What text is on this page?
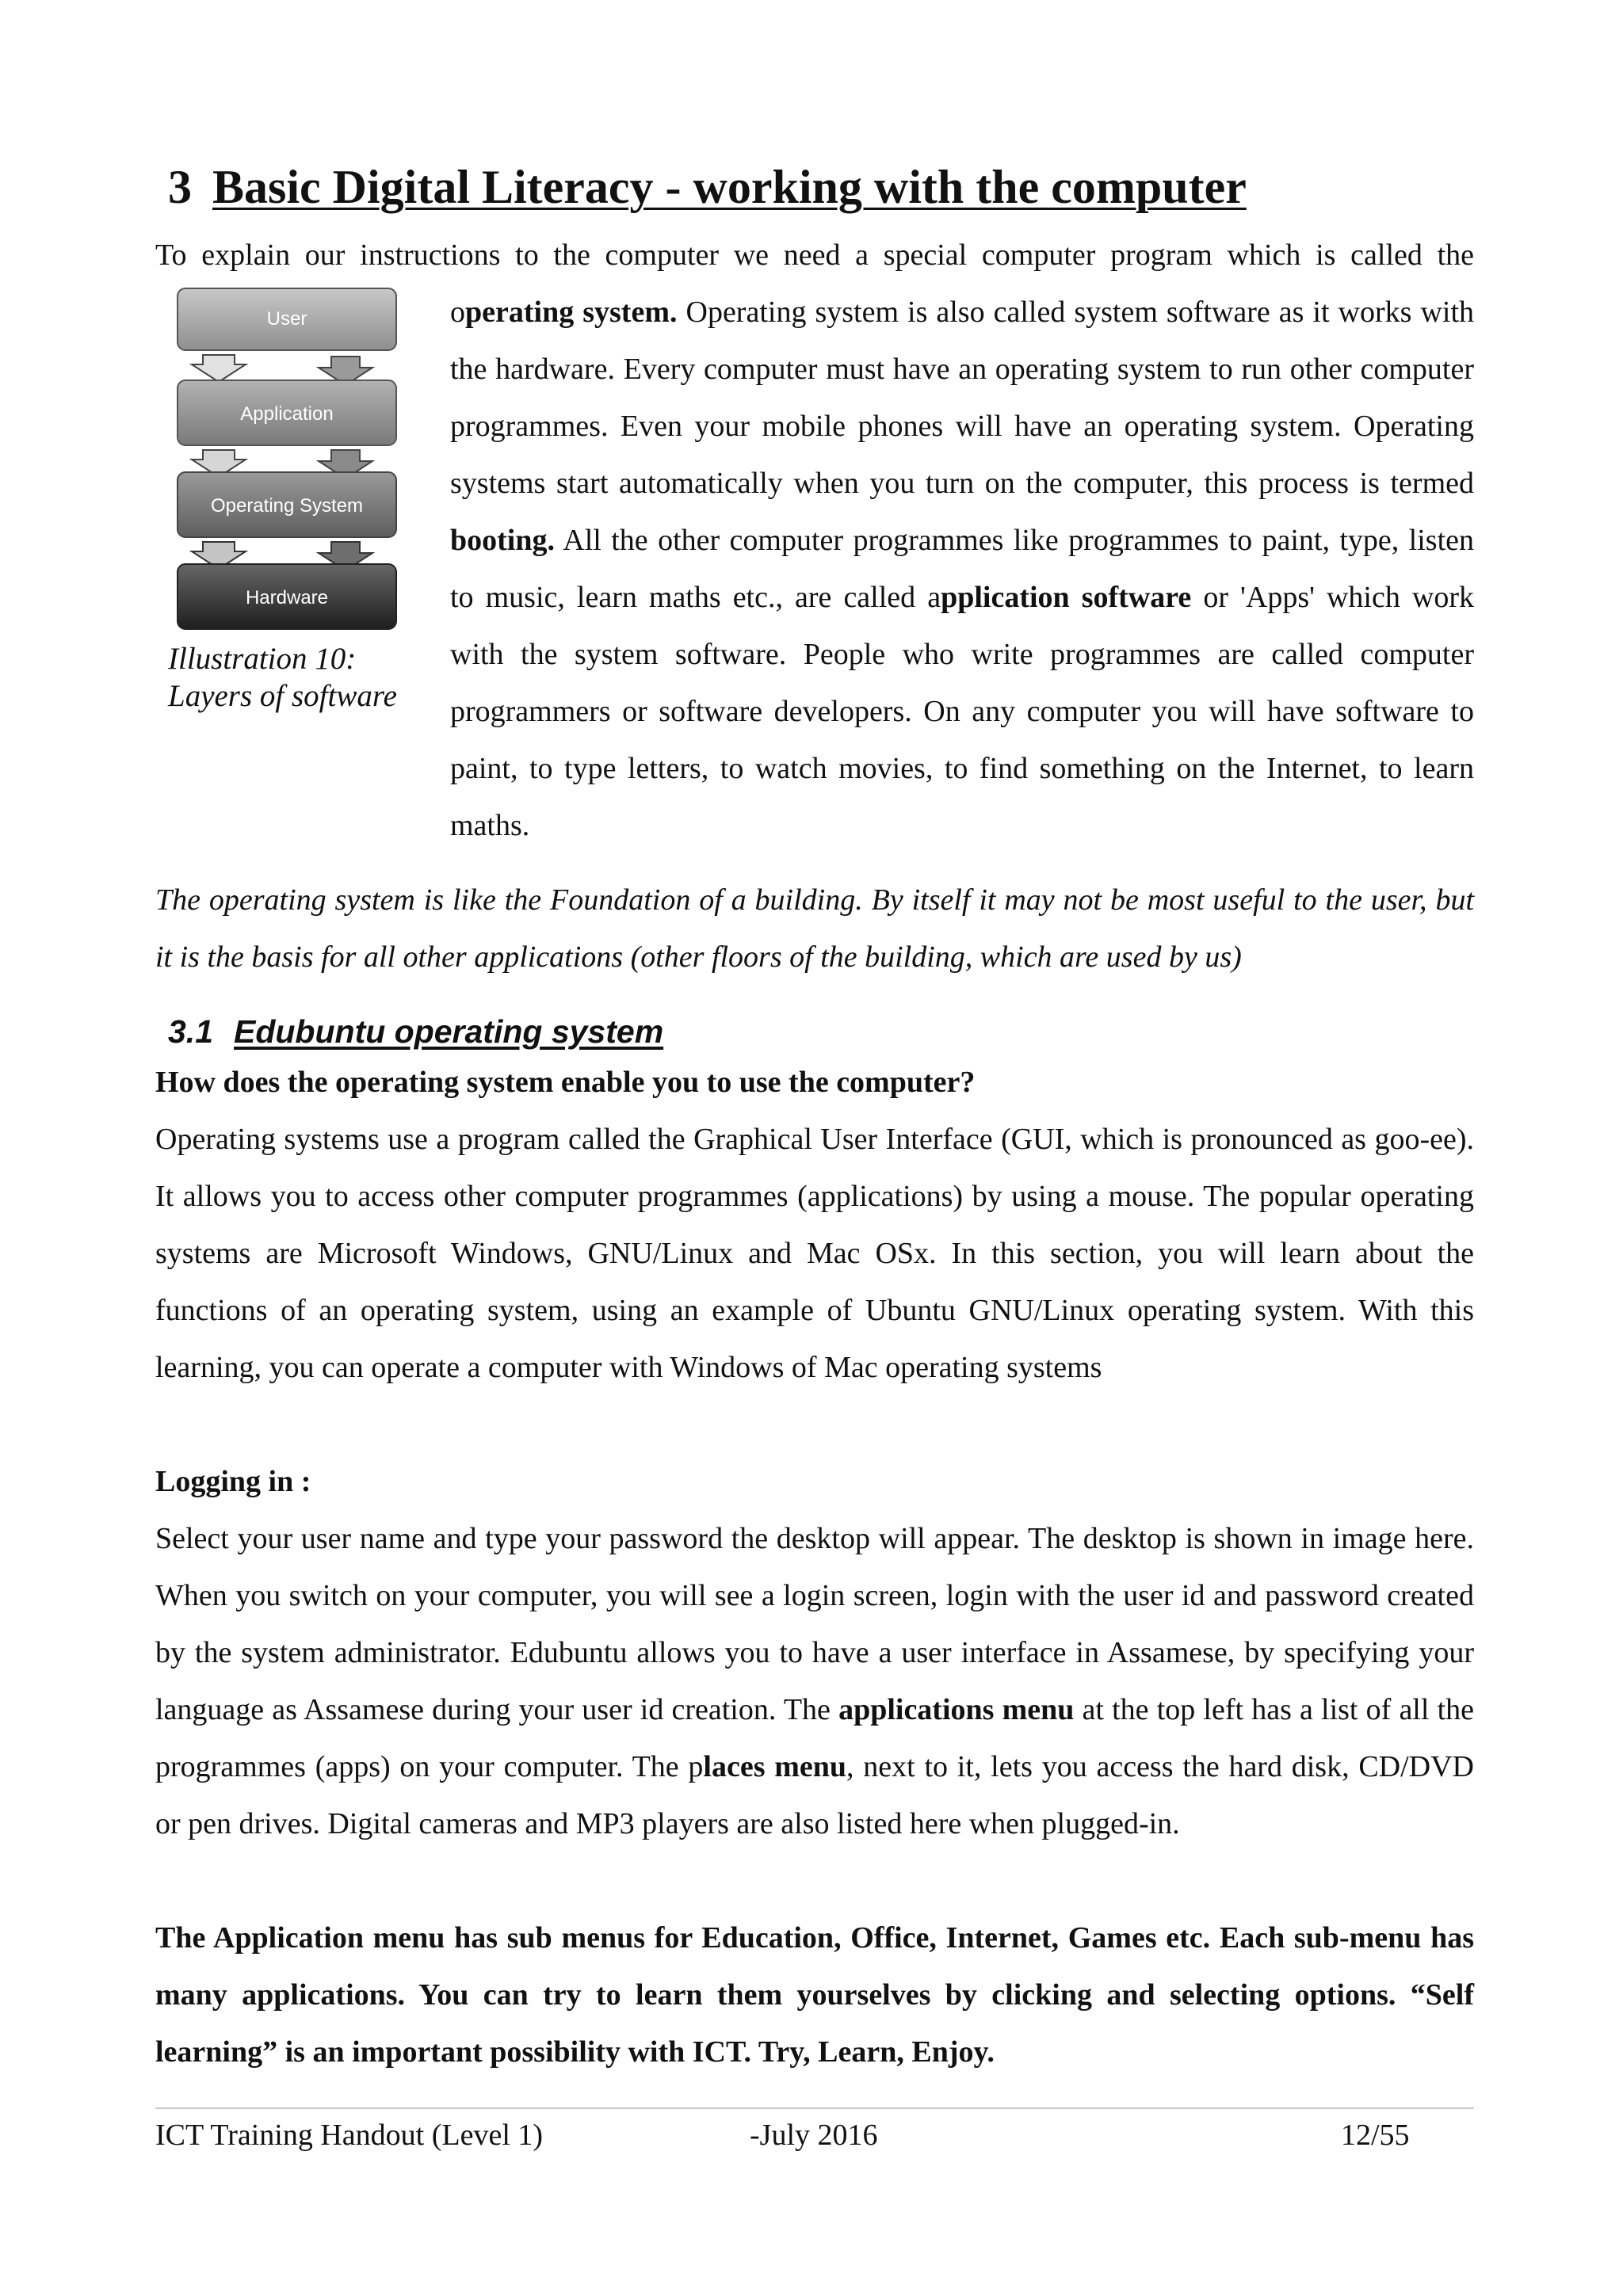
3 Basic Digital Literacy - working with the computer
To explain our instructions to the computer we need a special computer program which is called the
User
Application
Operating System
Hardware
Illustration 10:
Layers of software
operating system. Operating system is also called system software as it works with the hardware. Every computer must have an operating system to run other computer programmes. Even your mobile phones will have an operating system. Operating systems start automatically when you turn on the computer, this process is termed booting. All the other computer programmes like programmes to paint, type, listen to music, learn maths etc., are called application software or 'Apps' which work with the system software. People who write programmes are called computer programmers or software developers. On any computer you will have software to paint, to type letters, to watch movies, to find something on the Internet, to learn maths.
The operating system is like the Foundation of a building. By itself it may not be most useful to the user, but it is the basis for all other applications (other floors of the building, which are used by us)
3.1 Edubuntu operating system
How does the operating system enable you to use the computer?
Operating systems use a program called the Graphical User Interface (GUI, which is pronounced as goo-ee). It allows you to access other computer programmes (applications) by using a mouse. The popular operating systems are Microsoft Windows, GNU/Linux and Mac OSx. In this section, you will learn about the functions of an operating system, using an example of Ubuntu GNU/Linux operating system. With this learning, you can operate a computer with Windows of Mac operating systems
Logging in :
Select your user name and type your password the desktop will appear. The desktop is shown in image here. When you switch on your computer, you will see a login screen, login with the user id and password created by the system administrator. Edubuntu allows you to have a user interface in Assamese, by specifying your language as Assamese during your user id creation. The applications menu at the top left has a list of all the programmes (apps) on your computer. The places menu, next to it, lets you access the hard disk, CD/DVD or pen drives. Digital cameras and MP3 players are also listed here when plugged-in.
The Application menu has sub menus for Education, Office, Internet, Games etc. Each sub-menu has many applications. You can try to learn them yourselves by clicking and selecting options. “Self learning” is an important possibility with ICT. Try, Learn, Enjoy.
ICT Training Handout (Level 1)	-July 2016	12/55
